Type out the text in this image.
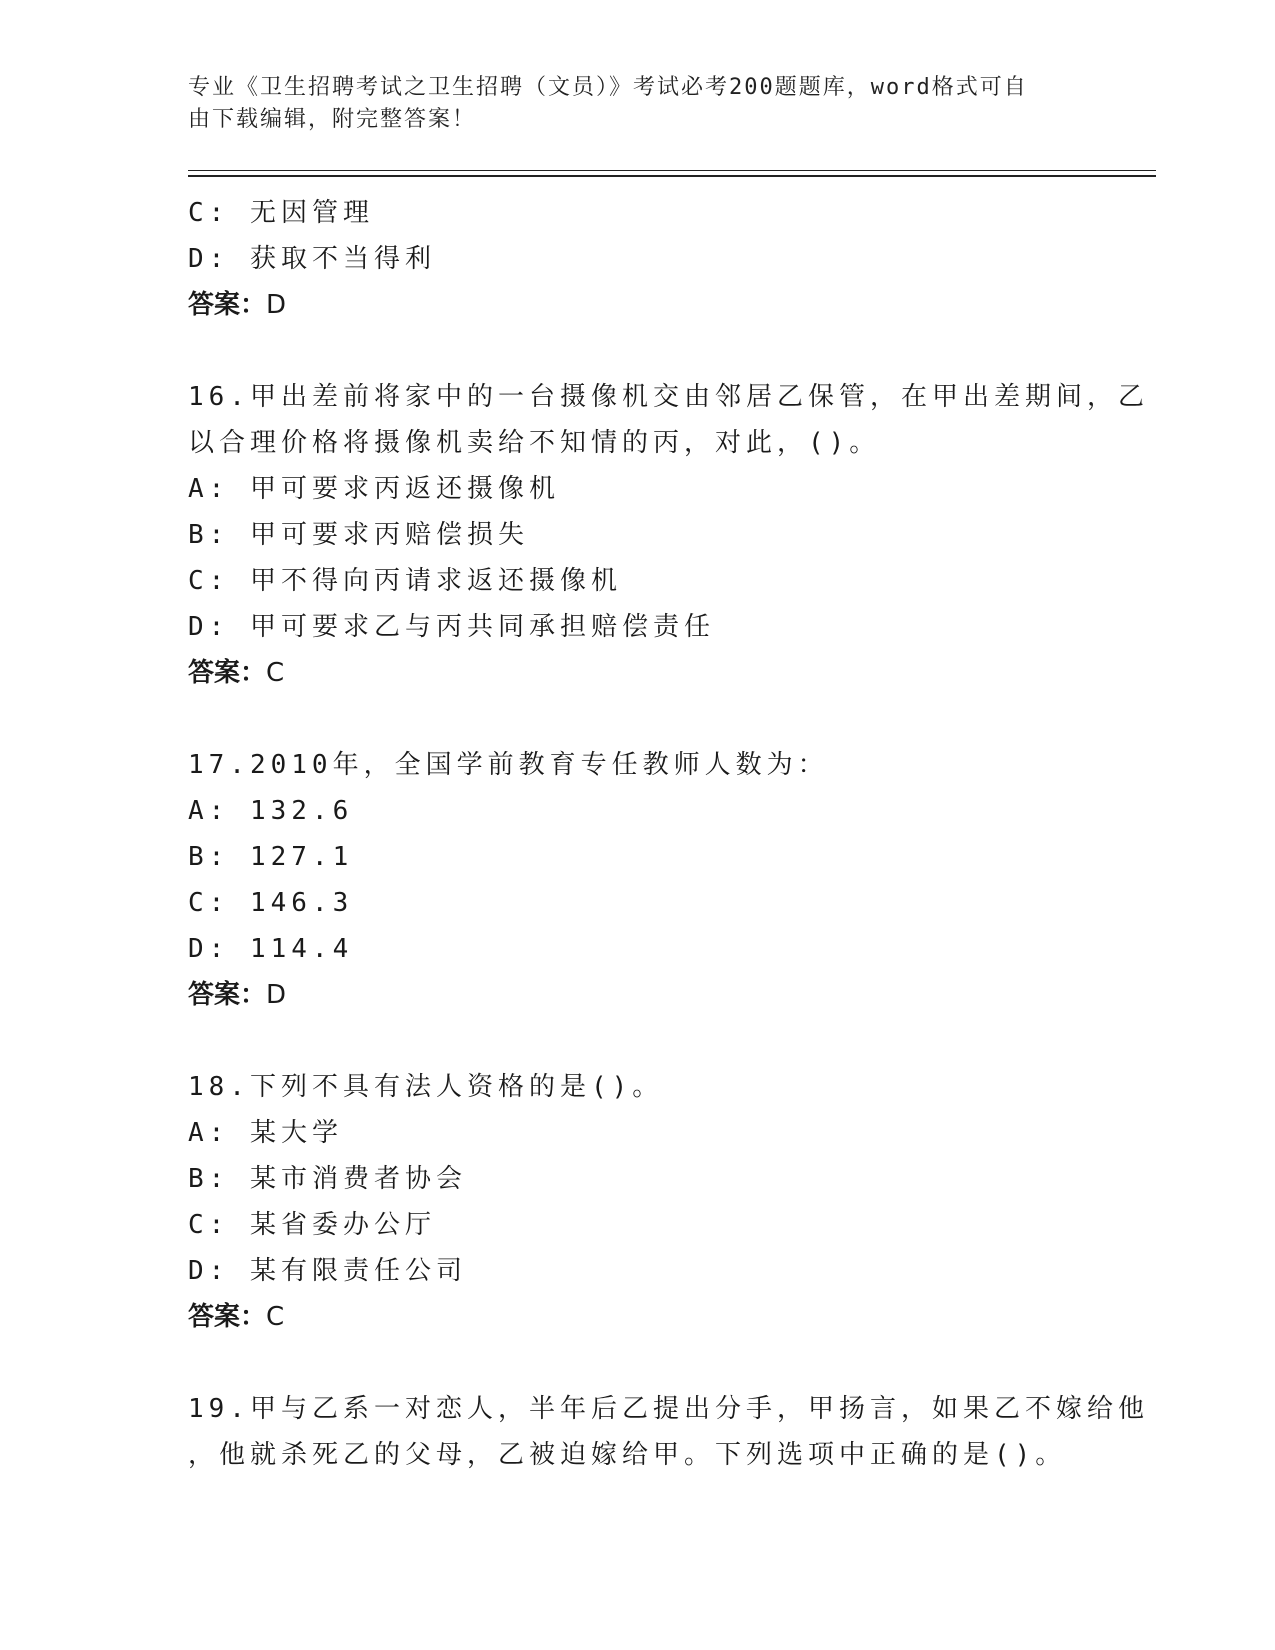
专业《卫生招聘考试之卫生招聘（文员）》考试必考200题题库，word格式可自
由下载编辑，附完整答案！
C: 无因管理
D: 获取不当得利
答案：D
16.甲出差前将家中的一台摄像机交由邻居乙保管，在甲出差期间，乙
以合理价格将摄像机卖给不知情的丙，对此，()。
A: 甲可要求丙返还摄像机
B: 甲可要求丙赔偿损失
C: 甲不得向丙请求返还摄像机
D: 甲可要求乙与丙共同承担赔偿责任
答案：C
17.2010年，全国学前教育专任教师人数为：
A: 132.6
B: 127.1
C: 146.3
D: 114.4
答案：D
18.下列不具有法人资格的是()。
A: 某大学
B: 某市消费者协会
C: 某省委办公厅
D: 某有限责任公司
答案：C
19.甲与乙系一对恋人，半年后乙提出分手，甲扬言，如果乙不嫁给他
，他就杀死乙的父母，乙被迫嫁给甲。下列选项中正确的是()。
